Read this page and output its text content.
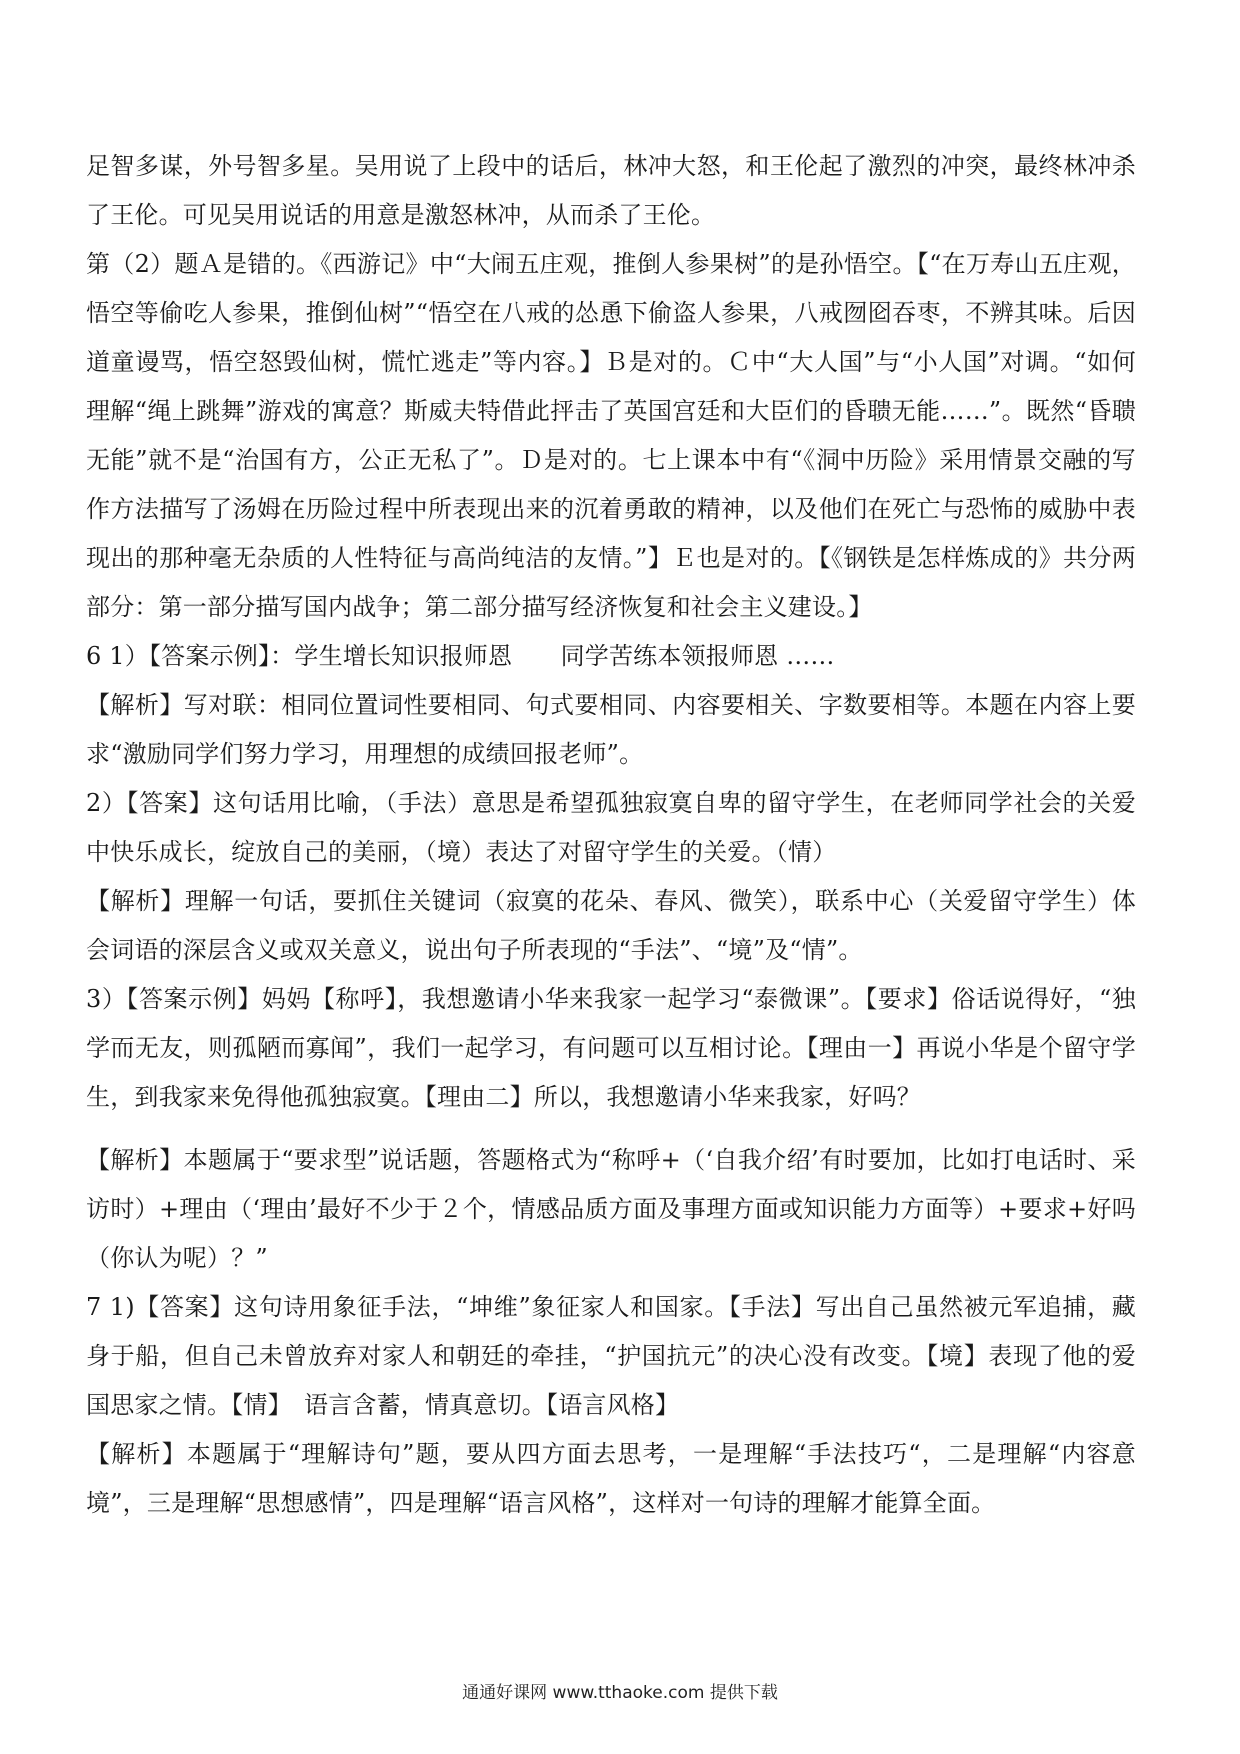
足智多谋，外号智多星。吴用说了上段中的话后，林冲大怒，和王伦起了激烈的冲突，最终林冲杀了王伦。可见吴用说话的用意是激怒林冲，从而杀了王伦。

第（2）题Ａ是错的。《西游记》中“大闹五庄观，推倒人参果树”的是孙悟空。【“在万寿山五庄观，悟空等偷吃人参果，推倒仙树”“悟空在八戒的怂恿下偷盗人参果，八戒囫囵吞枣，不辨其味。后因道童谩骂，悟空怒毁仙树，慌忙逃走”等内容。】Ｂ是对的。Ｃ中“大人国”与“小人国”对调。“如何理解“绳上跳舞”游戏的寓意？斯威夫特借此抨击了英国宫廷和大臣们的昏聩无能……”。既然“昏聩无能”就不是“治国有方，公正无私了”。Ｄ是对的。七上课本中有“《洞中历险》采用情景交融的写作方法描写了汤姆在历险过程中所表现出来的沉着勇敢的精神，以及他们在死亡与恐怖的威胁中表现出的那种毫无杂质的人性特征与高尚纯洁的友情。”】Ｅ也是对的。【《钢铁是怎样炼成的》共分两部分：第一部分描写国内战争；第二部分描写经济恢复和社会主义建设。】

6 1）【答案示例】：学生增长知识报师恩　　同学苦练本领报师恩 ……

【解析】写对联：相同位置词性要相同、句式要相同、内容要相关、字数要相等。本题在内容上要求“激励同学们努力学习，用理想的成绩回报老师”。

2）【答案】这句话用比喻，（手法）意思是希望孤独寂寞自卑的留守学生，在老师同学社会的关爱中快乐成长，绽放自己的美丽，（境）表达了对留守学生的关爱。（情）

【解析】理解一句话，要抓住关键词（寂寞的花朵、春风、微笑），联系中心（关爱留守学生）体会词语的深层含义或双关意义，说出句子所表现的“手法”、“境”及“情”。

3）【答案示例】妈妈【称呼】，我想邀请小华来我家一起学习“泰微课”。【要求】俗话说得好，“独学而无友，则孤陋而寡闻”，我们一起学习，有问题可以互相讨论。【理由一】再说小华是个留守学生，到我家来免得他孤独寂寞。【理由二】所以，我想邀请小华来我家，好吗？

【解析】本题属于“要求型”说话题，答题格式为“称呼+（‘自我介绍’有时要加，比如打电话时、采访时）+理由（‘理由’最好不少于２个，情感品质方面及事理方面或知识能力方面等）+要求+好吗（你认为呢）？”

7 1)【答案】这句诗用象征手法，“坤维”象征家人和国家。【手法】写出自己虽然被元军追捕，藏身于船，但自己未曾放弃对家人和朝廷的牵挂，“护国抗元”的决心没有改变。【境】表现了他的爱国思家之情。【情】　语言含蓄，情真意切。【语言风格】

【解析】本题属于“理解诗句”题，要从四方面去思考，一是理解“手法技巧“，二是理解“内容意境”，三是理解“思想感情”，四是理解“语言风格”，这样对一句诗的理解才能算全面。

通通好课网 www.tthaoke.com 提供下载
